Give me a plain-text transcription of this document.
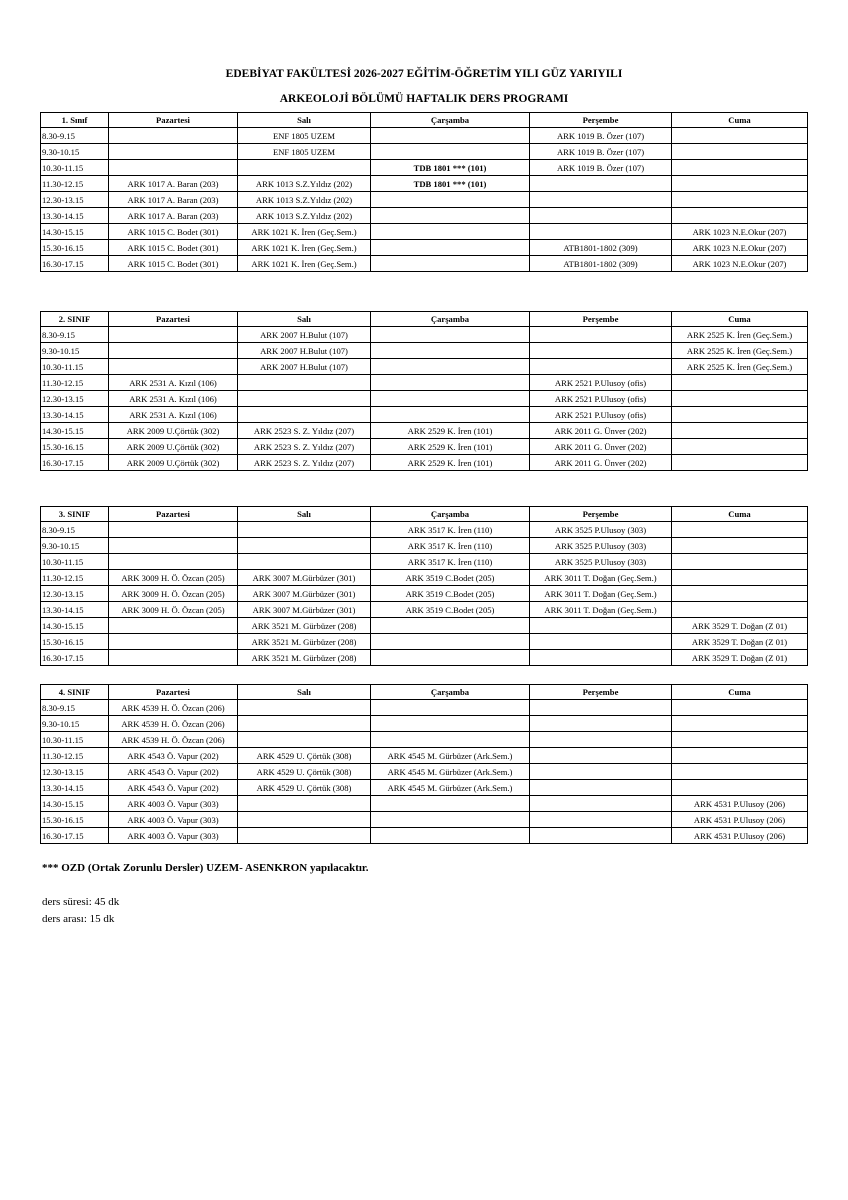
EDEBİYAT FAKÜLTESİ 2026-2027 EĞİTİM-ÖĞRETİM YILI GÜZ YARIYILI
ARKEOLOJİ BÖLÜMÜ HAFTALIK DERS PROGRAMI
1. Sınıf	Pazartesi	Salı	Çarşamba	Perşembe	Cuma
8.30-9.15		ENF 1805 UZEM		ARK 1019 B. Özer (107)	
9.30-10.15		ENF 1805 UZEM		ARK 1019 B. Özer (107)	
10.30-11.15			TDB 1801 *** (101)	ARK 1019 B. Özer (107)	
11.30-12.15	ARK 1017 A. Baran (203)	ARK 1013 S.Z.Yıldız (202)	TDB 1801 *** (101)		
12.30-13.15	ARK 1017 A. Baran (203)	ARK 1013 S.Z.Yıldız (202)			
13.30-14.15	ARK 1017 A. Baran (203)	ARK 1013 S.Z.Yıldız (202)			
14.30-15.15	ARK 1015 C. Bodet (301)	ARK 1021 K. İren (Geç.Sem.)			ARK 1023 N.E.Okur (207)
15.30-16.15	ARK 1015 C. Bodet (301)	ARK 1021 K. İren (Geç.Sem.)		ATB1801-1802 (309)	ARK 1023 N.E.Okur (207)
16.30-17.15	ARK 1015 C. Bodet (301)	ARK 1021 K. İren (Geç.Sem.)		ATB1801-1802 (309)	ARK 1023 N.E.Okur (207)
2. SINIF	Pazartesi	Salı	Çarşamba	Perşembe	Cuma
8.30-9.15		ARK 2007 H.Bulut (107)			ARK 2525 K. İren (Geç.Sem.)
9.30-10.15		ARK 2007 H.Bulut (107)			ARK 2525 K. İren (Geç.Sem.)
10.30-11.15		ARK 2007 H.Bulut (107)			ARK 2525 K. İren (Geç.Sem.)
11.30-12.15	ARK 2531 A. Kızıl (106)			ARK 2521 P.Ulusoy (ofis)	
12.30-13.15	ARK 2531 A. Kızıl (106)			ARK 2521 P.Ulusoy (ofis)	
13.30-14.15	ARK 2531 A. Kızıl (106)			ARK 2521 P.Ulusoy (ofis)	
14.30-15.15	ARK 2009 U.Çörtük (302)	ARK 2523 S. Z. Yıldız (207)	ARK 2529 K. İren (101)	ARK 2011 G. Ünver (202)	
15.30-16.15	ARK 2009 U.Çörtük (302)	ARK 2523 S. Z. Yıldız (207)	ARK 2529 K. İren (101)	ARK 2011 G. Ünver (202)	
16.30-17.15	ARK 2009 U.Çörtük (302)	ARK 2523 S. Z. Yıldız (207)	ARK 2529 K. İren (101)	ARK 2011 G. Ünver (202)	
3. SINIF	Pazartesi	Salı	Çarşamba	Perşembe	Cuma
8.30-9.15			ARK 3517 K. İren (110)	ARK 3525 P.Ulusoy (303)	
9.30-10.15			ARK 3517 K. İren (110)	ARK 3525 P.Ulusoy (303)	
10.30-11.15			ARK 3517 K. İren (110)	ARK 3525 P.Ulusoy (303)	
11.30-12.15	ARK 3009 H. Ö. Özcan (205)	ARK 3007 M.Gürbüzer (301)	ARK 3519 C.Bodet (205)	ARK 3011 T. Doğan (Geç.Sem.)	
12.30-13.15	ARK 3009 H. Ö. Özcan (205)	ARK 3007 M.Gürbüzer (301)	ARK 3519 C.Bodet (205)	ARK 3011 T. Doğan (Geç.Sem.)	
13.30-14.15	ARK 3009 H. Ö. Özcan (205)	ARK 3007 M.Gürbüzer (301)	ARK 3519 C.Bodet (205)	ARK 3011 T. Doğan (Geç.Sem.)	
14.30-15.15		ARK 3521 M. Gürbüzer (208)			ARK 3529 T. Doğan (Z 01)
15.30-16.15		ARK 3521 M. Gürbüzer (208)			ARK 3529 T. Doğan (Z 01)
16.30-17.15		ARK 3521 M. Gürbüzer (208)			ARK 3529 T. Doğan (Z 01)
4. SINIF	Pazartesi	Salı	Çarşamba	Perşembe	Cuma
8.30-9.15	ARK 4539 H. Ö. Özcan (206)				
9.30-10.15	ARK 4539 H. Ö. Özcan (206)				
10.30-11.15	ARK 4539 H. Ö. Özcan (206)				
11.30-12.15	ARK 4543 Ö. Vapur (202)	ARK 4529 U. Çörtük (308)	ARK 4545 M. Gürbüzer (Ark.Sem.)		
12.30-13.15	ARK 4543 Ö. Vapur (202)	ARK 4529 U. Çörtük (308)	ARK 4545 M. Gürbüzer (Ark.Sem.)		
13.30-14.15	ARK 4543 Ö. Vapur (202)	ARK 4529 U. Çörtük (308)	ARK 4545 M. Gürbüzer (Ark.Sem.)		
14.30-15.15	ARK 4003 Ö. Vapur (303)				ARK 4531 P.Ulusoy (206)
15.30-16.15	ARK 4003 Ö. Vapur (303)				ARK 4531 P.Ulusoy (206)
16.30-17.15	ARK 4003 Ö. Vapur (303)				ARK 4531 P.Ulusoy (206)
*** OZD (Ortak Zorunlu Dersler) UZEM- ASENKRON yapılacaktır.
ders süresi: 45 dk
ders arası: 15 dk
